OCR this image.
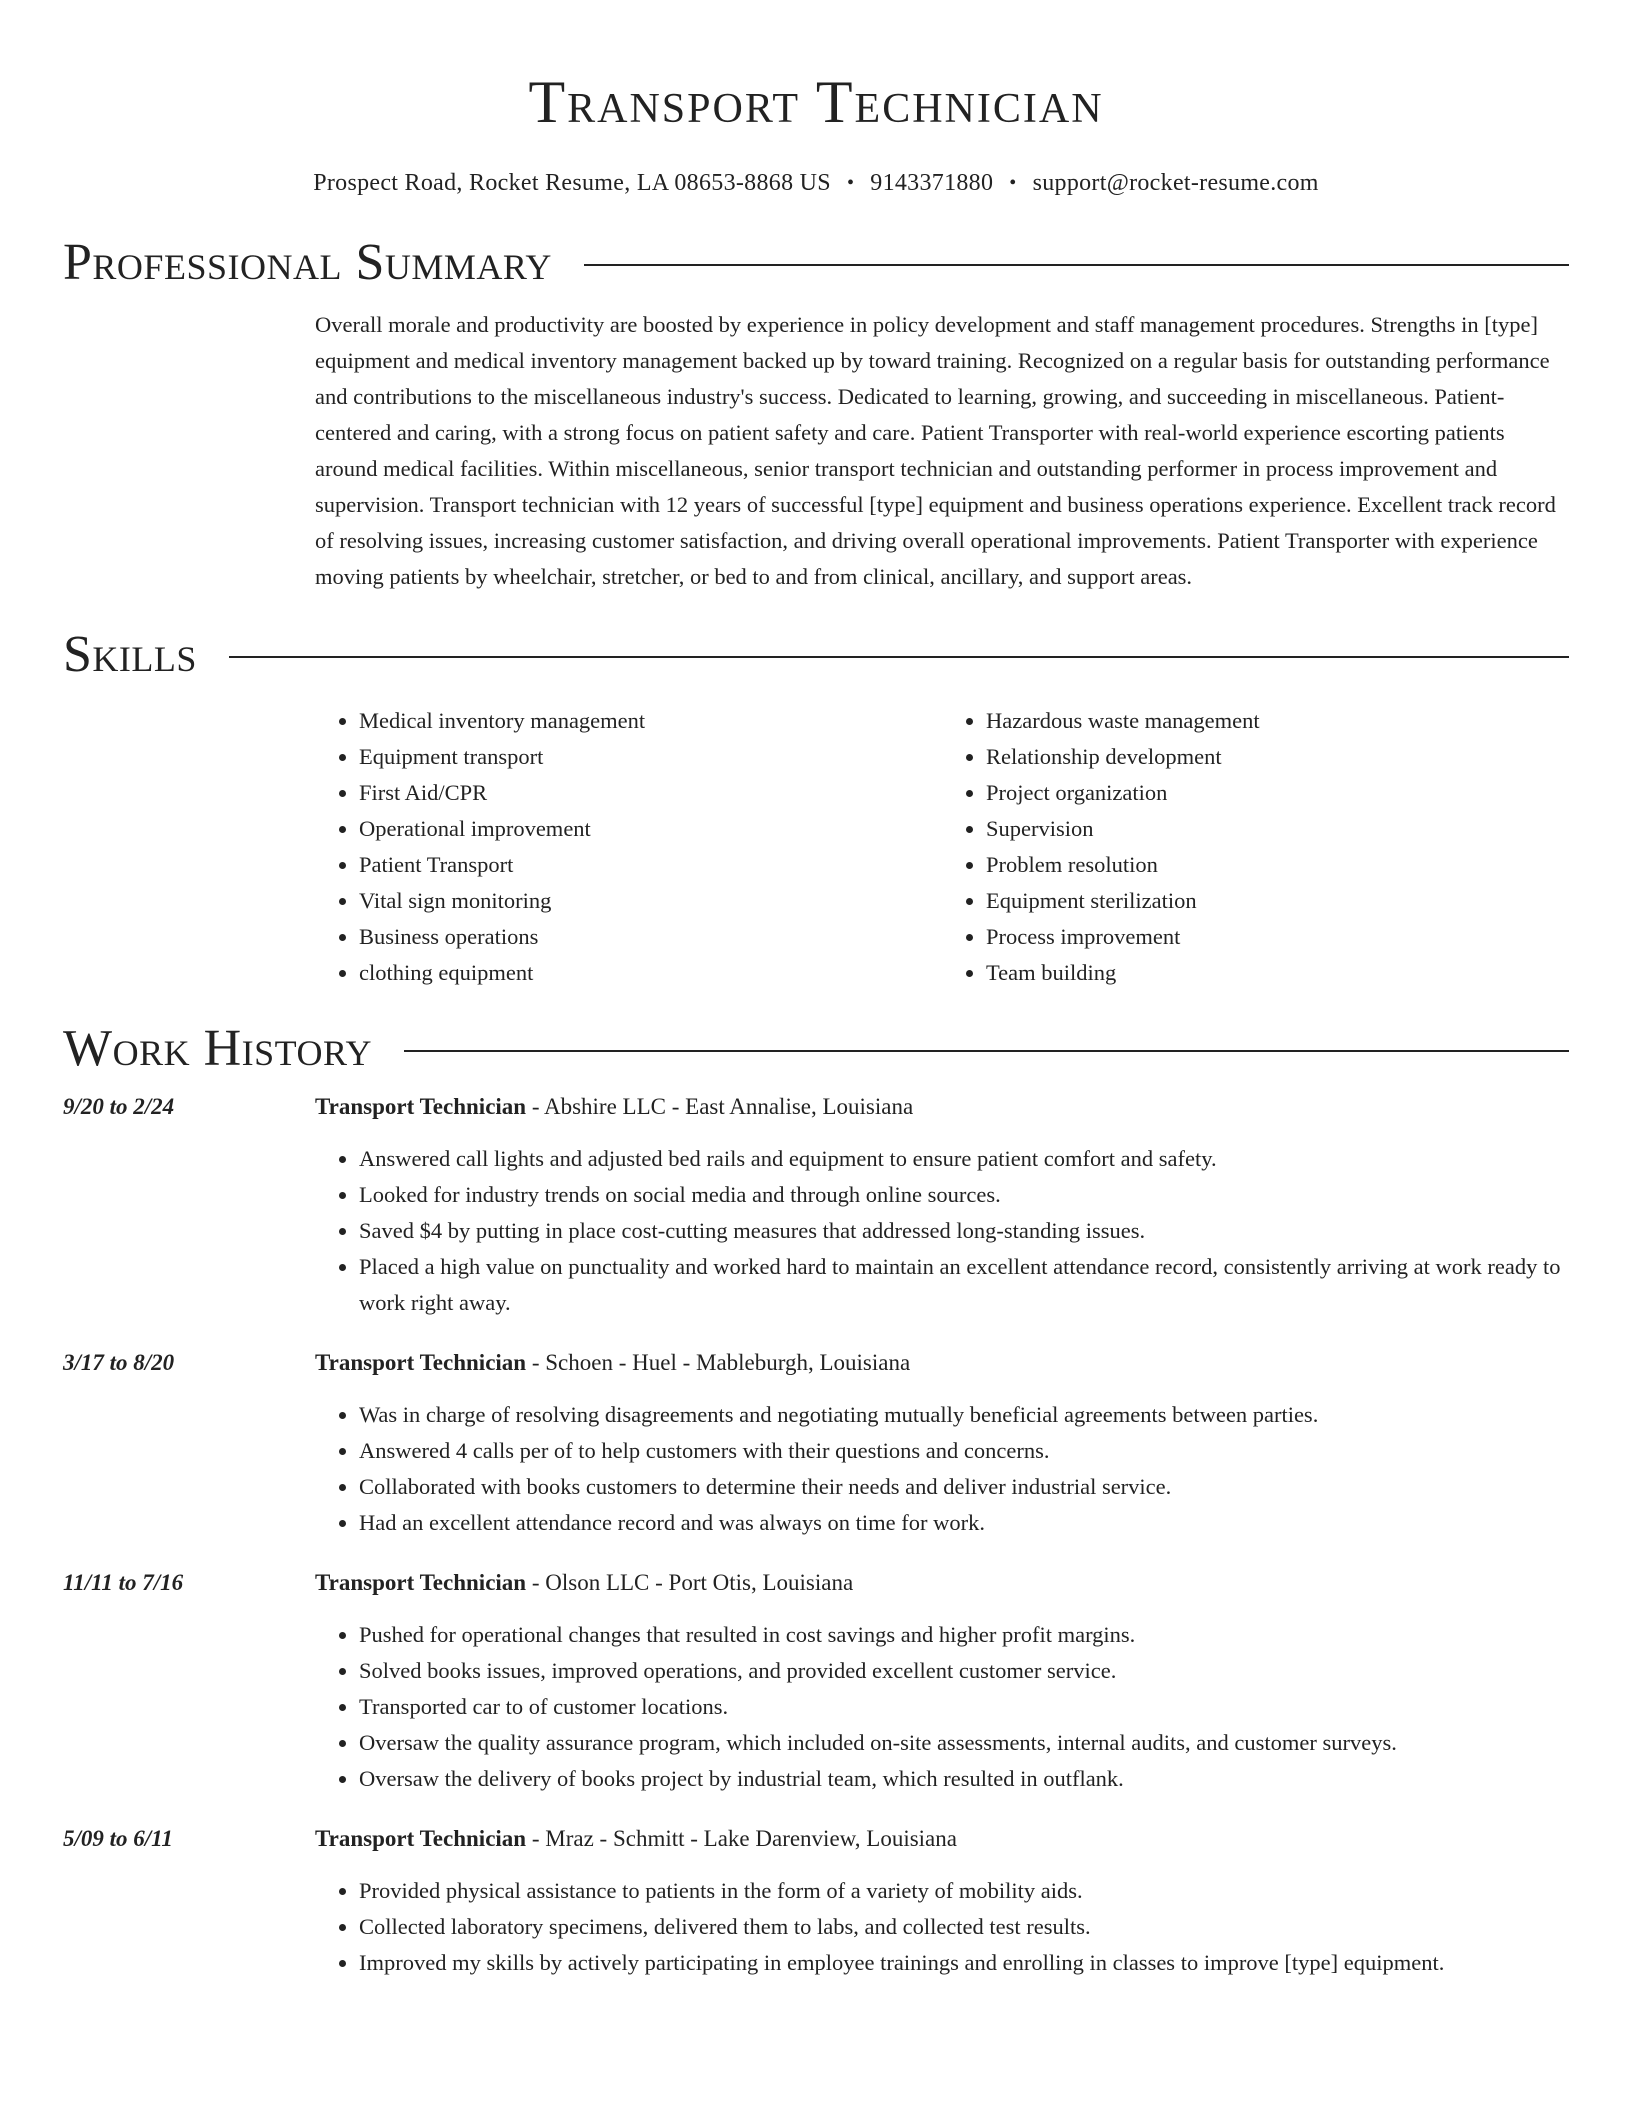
Transport Technician
Prospect Road, Rocket Resume, LA 08653-8868 US • 9143371880 • support@rocket-resume.com
Professional Summary
Overall morale and productivity are boosted by experience in policy development and staff management procedures. Strengths in [type] equipment and medical inventory management backed up by toward training. Recognized on a regular basis for outstanding performance and contributions to the miscellaneous industry's success. Dedicated to learning, growing, and succeeding in miscellaneous. Patient-centered and caring, with a strong focus on patient safety and care. Patient Transporter with real-world experience escorting patients around medical facilities. Within miscellaneous, senior transport technician and outstanding performer in process improvement and supervision. Transport technician with 12 years of successful [type] equipment and business operations experience. Excellent track record of resolving issues, increasing customer satisfaction, and driving overall operational improvements. Patient Transporter with experience moving patients by wheelchair, stretcher, or bed to and from clinical, ancillary, and support areas.
Skills
• Medical inventory management
• Equipment transport
• First Aid/CPR
• Operational improvement
• Patient Transport
• Vital sign monitoring
• Business operations
• clothing equipment
• Hazardous waste management
• Relationship development
• Project organization
• Supervision
• Problem resolution
• Equipment sterilization
• Process improvement
• Team building
Work History
9/20 to 2/24	Transport Technician - Abshire LLC - East Annalise, Louisiana
• Answered call lights and adjusted bed rails and equipment to ensure patient comfort and safety.
• Looked for industry trends on social media and through online sources.
• Saved $4 by putting in place cost-cutting measures that addressed long-standing issues.
• Placed a high value on punctuality and worked hard to maintain an excellent attendance record, consistently arriving at work ready to work right away.
3/17 to 8/20	Transport Technician - Schoen - Huel - Mableburgh, Louisiana
• Was in charge of resolving disagreements and negotiating mutually beneficial agreements between parties.
• Answered 4 calls per of to help customers with their questions and concerns.
• Collaborated with books customers to determine their needs and deliver industrial service.
• Had an excellent attendance record and was always on time for work.
11/11 to 7/16	Transport Technician - Olson LLC - Port Otis, Louisiana
• Pushed for operational changes that resulted in cost savings and higher profit margins.
• Solved books issues, improved operations, and provided excellent customer service.
• Transported car to of customer locations.
• Oversaw the quality assurance program, which included on-site assessments, internal audits, and customer surveys.
• Oversaw the delivery of books project by industrial team, which resulted in outflank.
5/09 to 6/11	Transport Technician - Mraz - Schmitt - Lake Darenview, Louisiana
• Provided physical assistance to patients in the form of a variety of mobility aids.
• Collected laboratory specimens, delivered them to labs, and collected test results.
• Improved my skills by actively participating in employee trainings and enrolling in classes to improve [type] equipment.
